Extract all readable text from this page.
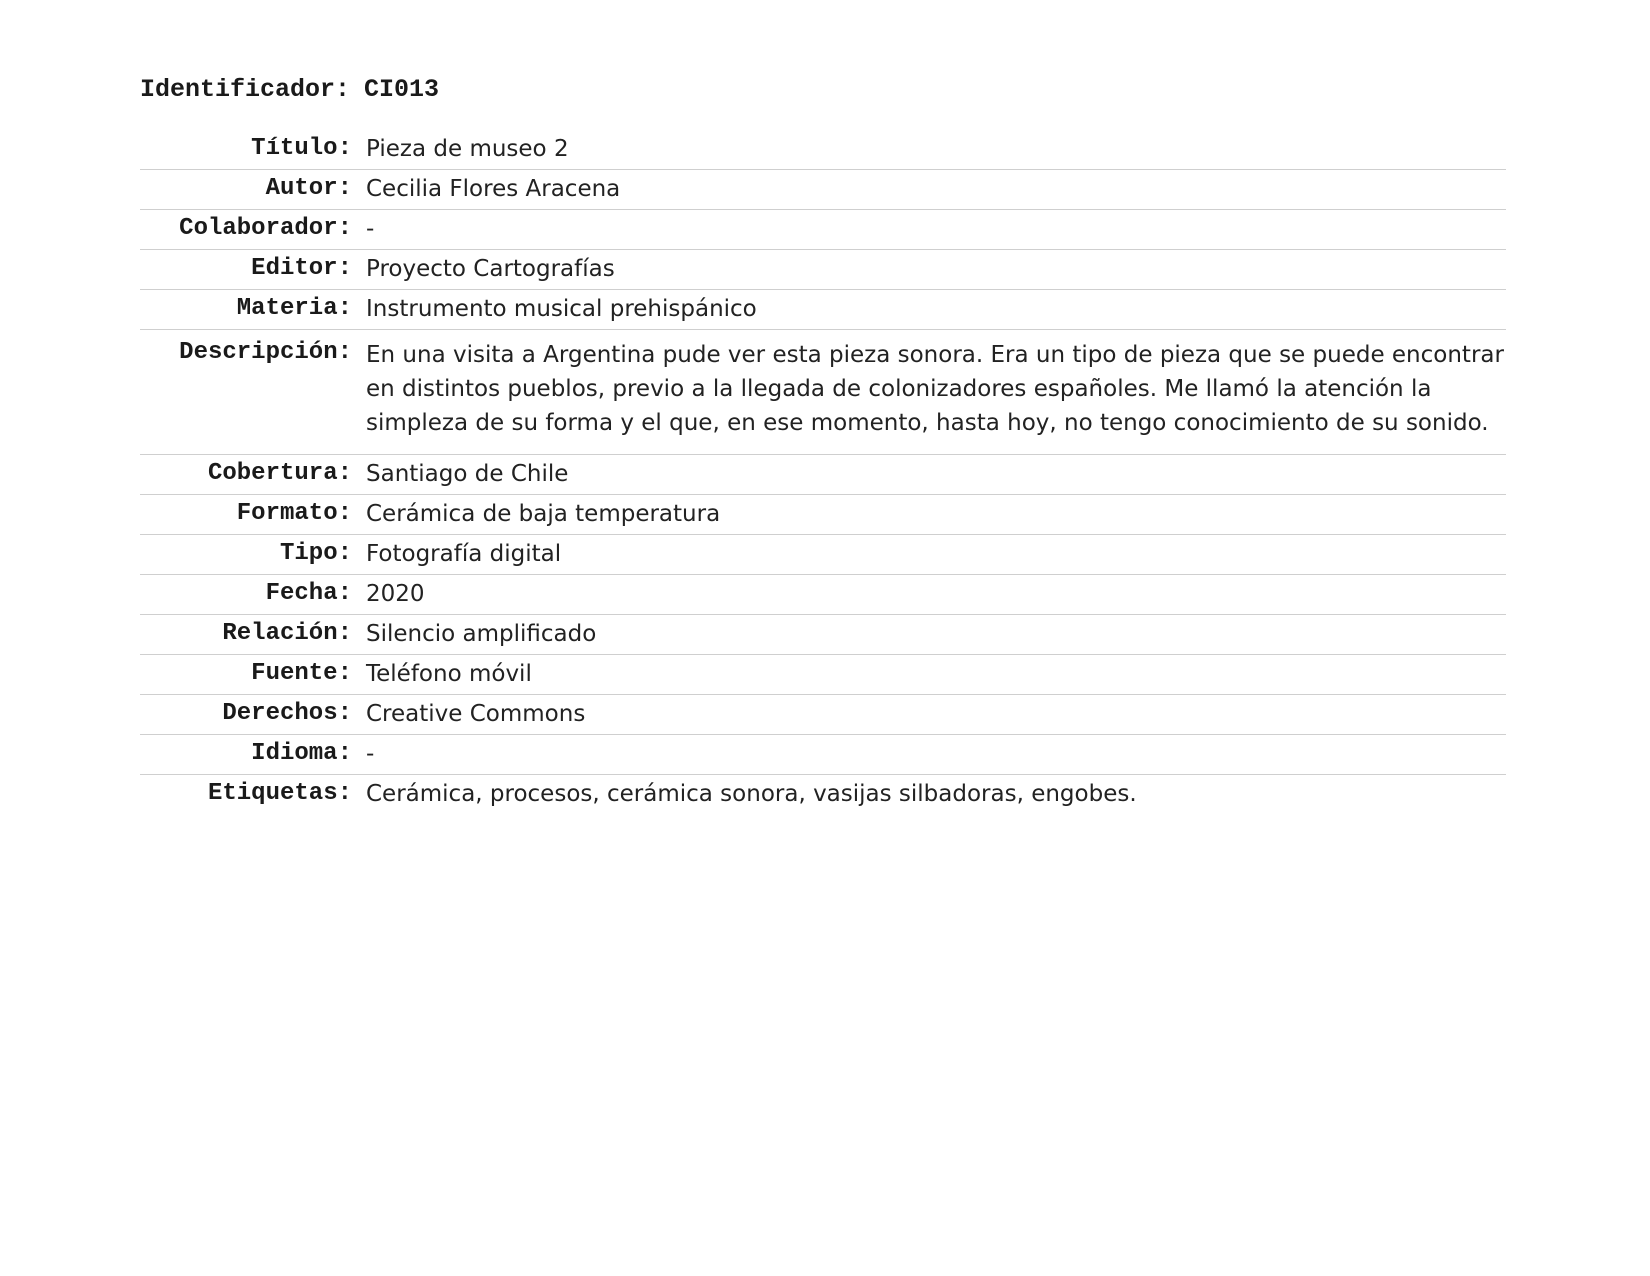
Identificador: CI013
Título:	Pieza de museo 2
Autor:	Cecilia Flores Aracena
Colaborador:	-
Editor:	Proyecto Cartografías
Materia:	Instrumento musical prehispánico
Descripción:	En una visita a Argentina pude ver esta pieza sonora. Era un tipo de pieza que se puede encontrar en distintos pueblos, previo a la llegada de colonizadores españoles. Me llamó la atención la simpleza de su forma y el que, en ese momento, hasta hoy, no tengo conocimiento de su sonido.
Cobertura:	Santiago de Chile
Formato:	Cerámica de baja temperatura
Tipo:	Fotografía digital
Fecha:	2020
Relación:	Silencio amplificado
Fuente:	Teléfono móvil
Derechos:	Creative Commons
Idioma:	-
Etiquetas:	Cerámica, procesos, cerámica sonora, vasijas silbadoras, engobes.
